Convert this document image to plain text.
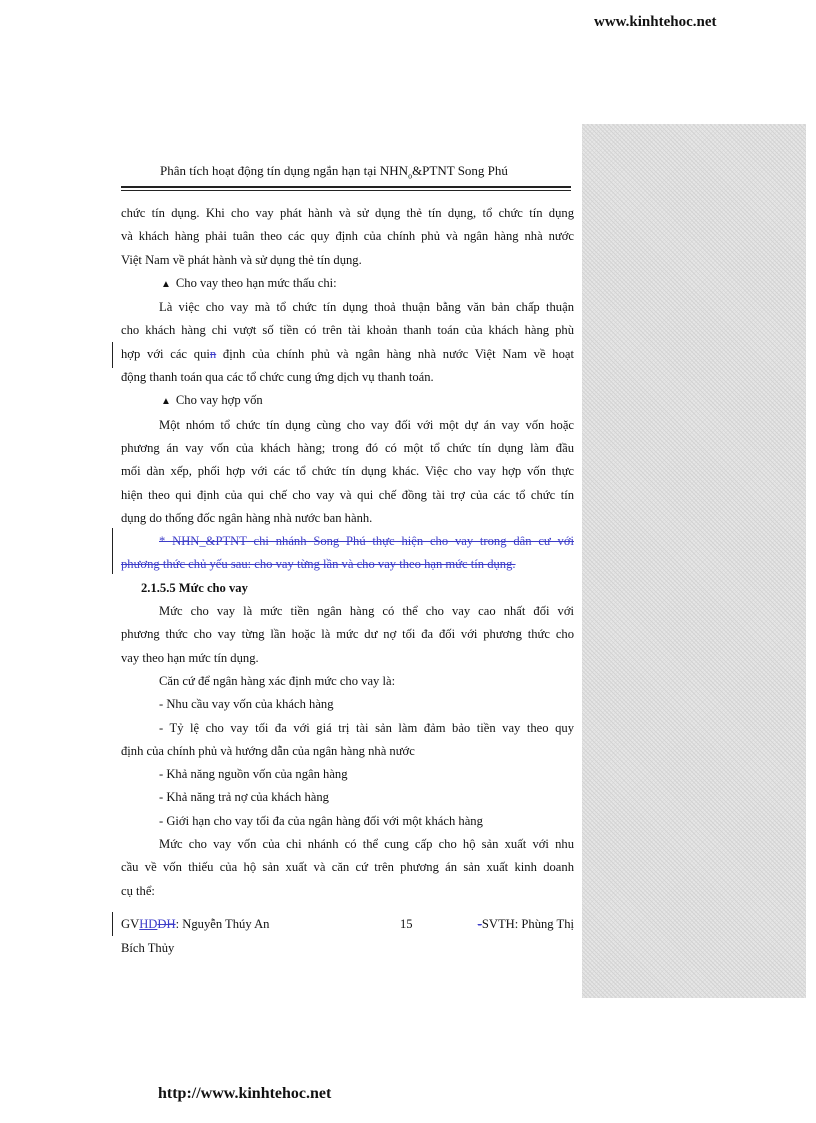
www.kinhtehoc.net
Phân tích hoạt động tín dụng ngắn hạn tại $NHN_o\&PTNT$ Song Phú
chức tín dụng. Khi cho vay phát hành và sử dụng thẻ tín dụng, tổ chức tín dụng
và khách hàng phải tuân theo các quy định của chính phủ và ngân hàng nhà nước
Việt Nam về phát hành và sử dụng thẻ tín dụng.
▲ Cho vay theo hạn mức thấu chi:
Là việc cho vay mà tổ chức tín dụng thoả thuận bằng văn bản chấp thuận
cho khách hàng chi vượt số tiền có trên tài khoản thanh toán của khách hàng phù
hợp với các quin định của chính phủ và ngân hàng nhà nước Việt Nam về hoạt
động thanh toán qua các tổ chức cung ứng dịch vụ thanh toán.
▲ Cho vay hợp vốn
Một nhóm tổ chức tín dụng cùng cho vay đối với một dự án vay vốn hoặc
phương án vay vốn của khách hàng; trong đó có một tổ chức tín dụng làm đầu
mối dàn xếp, phối hợp với các tổ chức tín dụng khác. Việc cho vay hợp vốn thực
hiện theo qui định của qui chế cho vay và qui chế đồng tài trợ của các tổ chức tín
dụng do thống đốc ngân hàng nhà nước ban hành.
* NHN_&PTNT chi nhánh Song Phú thực hiện cho vay trong dân cư với
phương thức chủ yếu sau: cho vay từng lần và cho vay theo hạn mức tín dụng.
2.1.5.5 Mức cho vay
Mức cho vay là mức tiền ngân hàng có thể cho vay cao nhất đối với
phương thức cho vay từng lần hoặc là mức dư nợ tối đa đối với phương thức cho
vay theo hạn mức tín dụng.
Căn cứ để ngân hàng xác định mức cho vay là:
- Nhu cầu vay vốn của khách hàng
- Tỷ lệ cho vay tối đa với giá trị tài sản làm đảm bảo tiền vay theo quy
định của chính phủ và hướng dẫn của ngân hàng nhà nước
- Khả năng nguồn vốn của ngân hàng
- Khả năng trả nợ của khách hàng
- Giới hạn cho vay tối đa của ngân hàng đối với một khách hàng
Mức cho vay vốn của chi nhánh có thể cung cấp cho hộ sản xuất với nhu
cầu về vốn thiếu của hộ sản xuất và căn cứ trên phương án sản xuất kinh doanh
cụ thể:
GVHDDH: Nguyễn Thúy An	15	-SVTH: Phùng Thị
Bích Thủy
http://www.kinhtehoc.net
